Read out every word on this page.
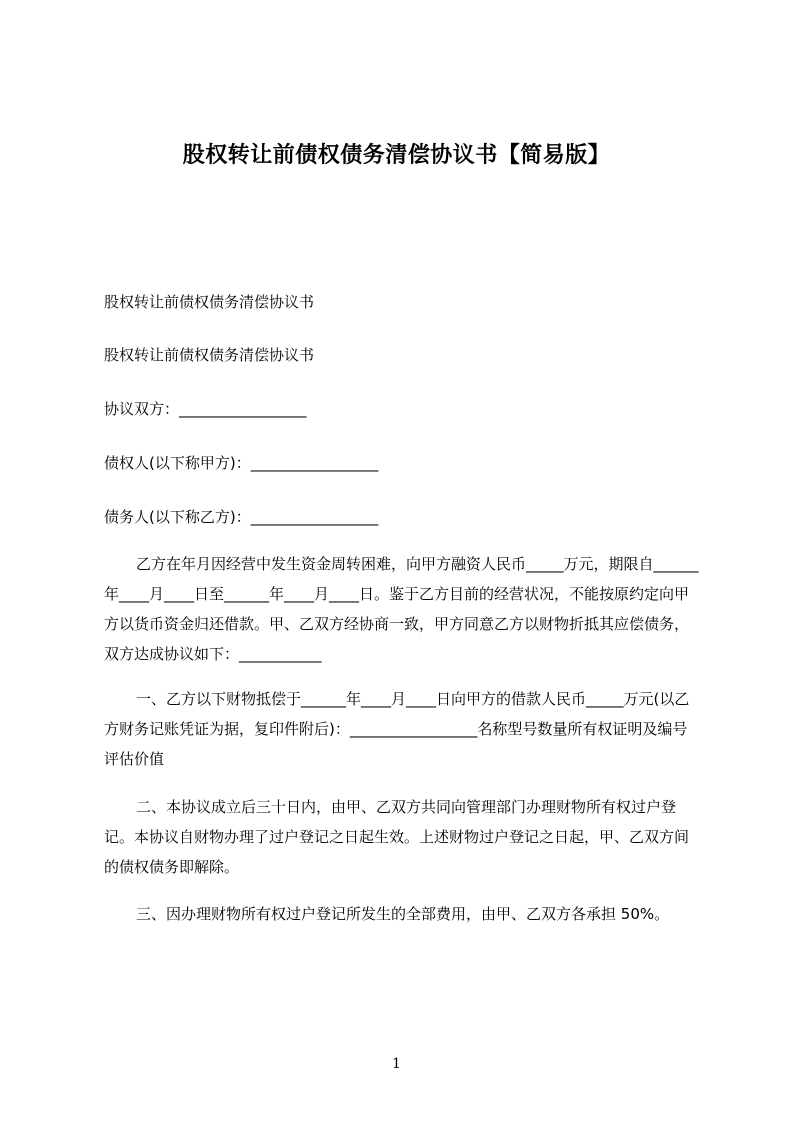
股权转让前债权债务清偿协议书【简易版】
股权转让前债权债务清偿协议书
股权转让前债权债务清偿协议书
协议双方：_________________
债权人(以下称甲方)：_________________
债务人(以下称乙方)：_________________
乙方在年月因经营中发生资金周转困难，向甲方融资人民币_____万元，期限自______年____月____日至______年____月____日。鉴于乙方目前的经营状况，不能按原约定向甲方以货币资金归还借款。甲、乙双方经协商一致，甲方同意乙方以财物折抵其应偿债务，双方达成协议如下：___________
一、乙方以下财物抵偿于______年____月____日向甲方的借款人民币_____万元(以乙方财务记账凭证为据，复印件附后)：_________________名称型号数量所有权证明及编号评估价值
二、本协议成立后三十日内，由甲、乙双方共同向管理部门办理财物所有权过户登记。本协议自财物办理了过户登记之日起生效。上述财物过户登记之日起，甲、乙双方间的债权债务即解除。
三、因办理财物所有权过户登记所发生的全部费用，由甲、乙双方各承担 50%。
1
